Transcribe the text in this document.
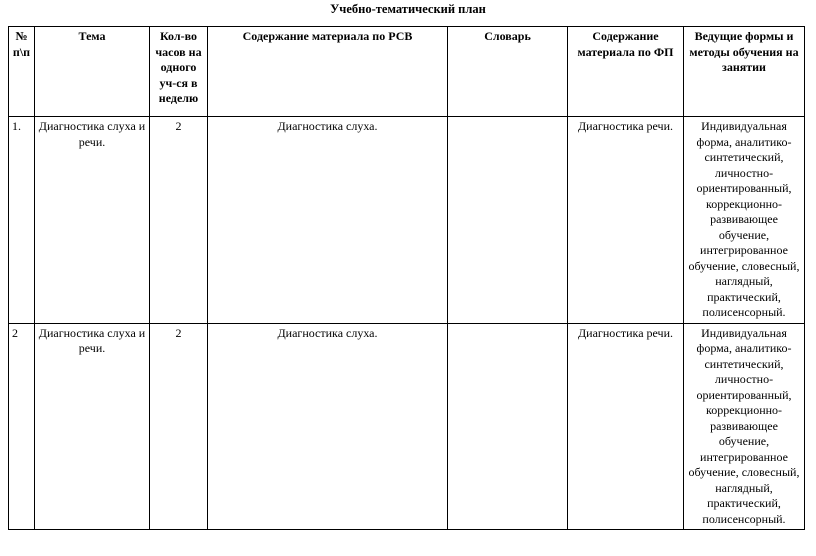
Учебно-тематический план
№ п\п	Тема	Кол-во часов на одного уч-ся в неделю	Содержание материала по РСВ	Словарь	Содержание материала по ФП	Ведущие формы и методы обучения на занятии
1.	Диагностика слуха и речи.	2	Диагностика слуха.		Диагностика речи.	Индивидуальная форма, аналитико-синтетический, личностно-ориентированный, коррекционно-развивающее обучение, интегрированное обучение, словесный, наглядный, практический, полисенсорный.
2	Диагностика слуха и речи.	2	Диагностика слуха.		Диагностика речи.	Индивидуальная форма, аналитико-синтетический, личностно-ориентированный, коррекционно-развивающее обучение, интегрированное обучение, словесный, наглядный, практический, полисенсорный.
